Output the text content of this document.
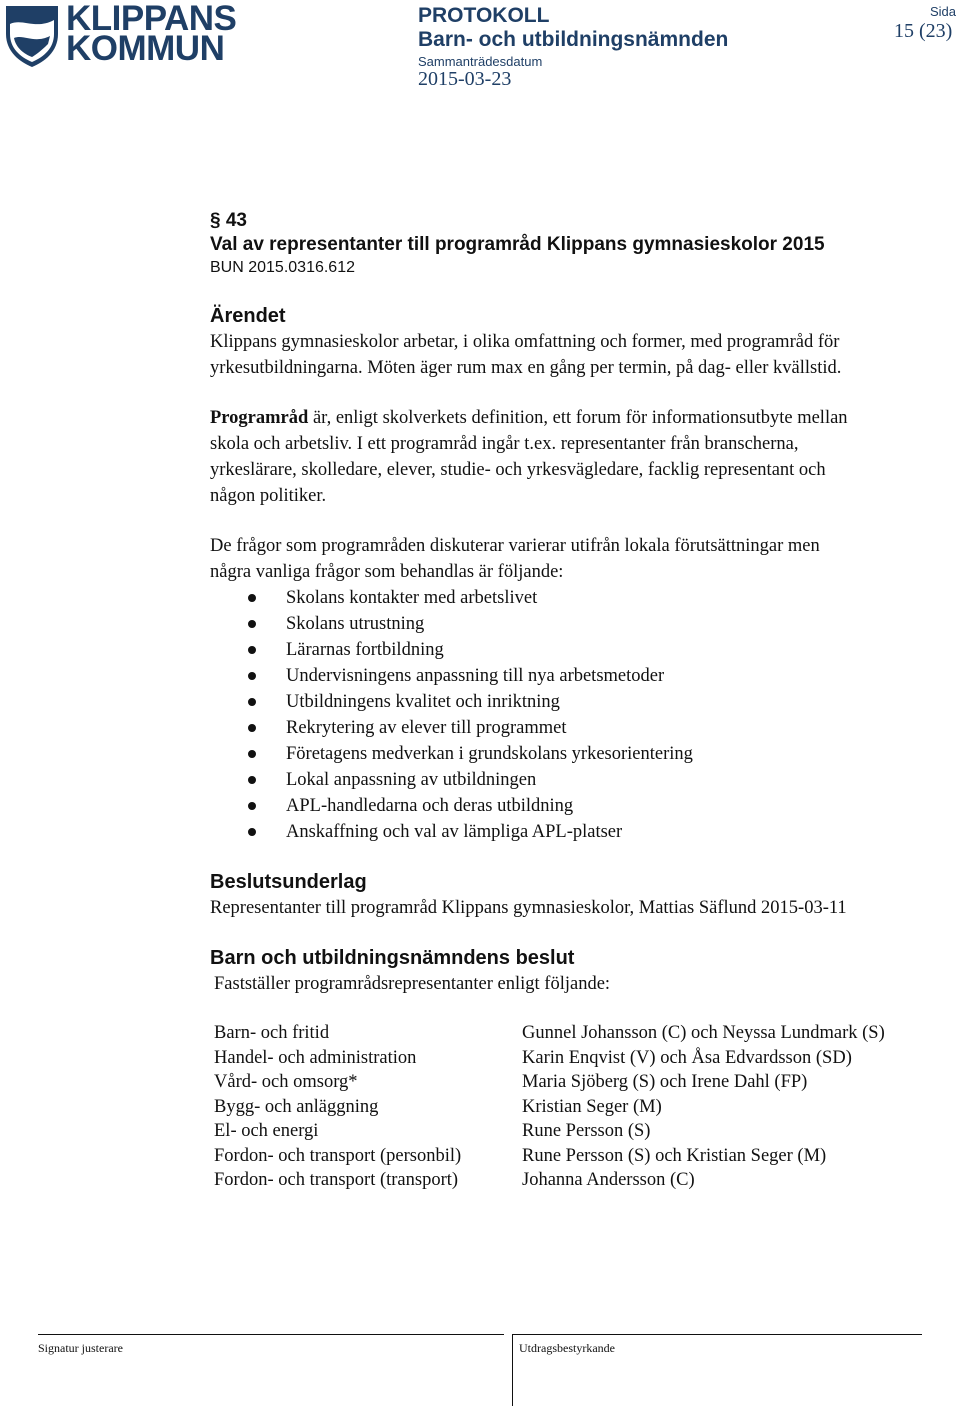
KLIPPANS
KOMMUN
PROTOKOLL
Barn- och utbildningsnämnden
Sammanträdesdatum
2015-03-23
Sida
15 (23)
§ 43
Val av representanter till programråd Klippans gymnasieskolor 2015
BUN 2015.0316.612
Ärendet
Klippans gymnasieskolor arbetar, i olika omfattning och former, med programråd för
yrkesutbildningarna. Möten äger rum max en gång per termin, på dag- eller kvällstid.
Programråd är, enligt skolverkets definition, ett forum för informationsutbyte mellan
skola och arbetsliv. I ett programråd ingår t.ex. representanter från branscherna,
yrkeslärare, skolledare, elever, studie- och yrkesvägledare, facklig representant och
någon politiker.
De frågor som programråden diskuterar varierar utifrån lokala förutsättningar men
några vanliga frågor som behandlas är följande:
Skolans kontakter med arbetslivet
Skolans utrustning
Lärarnas fortbildning
Undervisningens anpassning till nya arbetsmetoder
Utbildningens kvalitet och inriktning
Rekrytering av elever till programmet
Företagens medverkan i grundskolans yrkesorientering
Lokal anpassning av utbildningen
APL-handledarna och deras utbildning
Anskaffning och val av lämpliga APL-platser
Beslutsunderlag
Representanter till programråd Klippans gymnasieskolor, Mattias Säflund 2015-03-11
Barn och utbildningsnämndens beslut
Fastställer programrådsrepresentanter enligt följande:
Barn- och fritid	Gunnel Johansson (C) och Neyssa Lundmark (S)
Handel- och administration	Karin Enqvist (V) och Åsa Edvardsson (SD)
Vård- och omsorg*	Maria Sjöberg (S) och Irene Dahl (FP)
Bygg- och anläggning	Kristian Seger (M)
El- och energi	Rune Persson (S)
Fordon- och transport (personbil)	Rune Persson (S) och Kristian Seger (M)
Fordon- och transport (transport)	Johanna Andersson (C)
Signatur justerare	Utdragsbestyrkande
